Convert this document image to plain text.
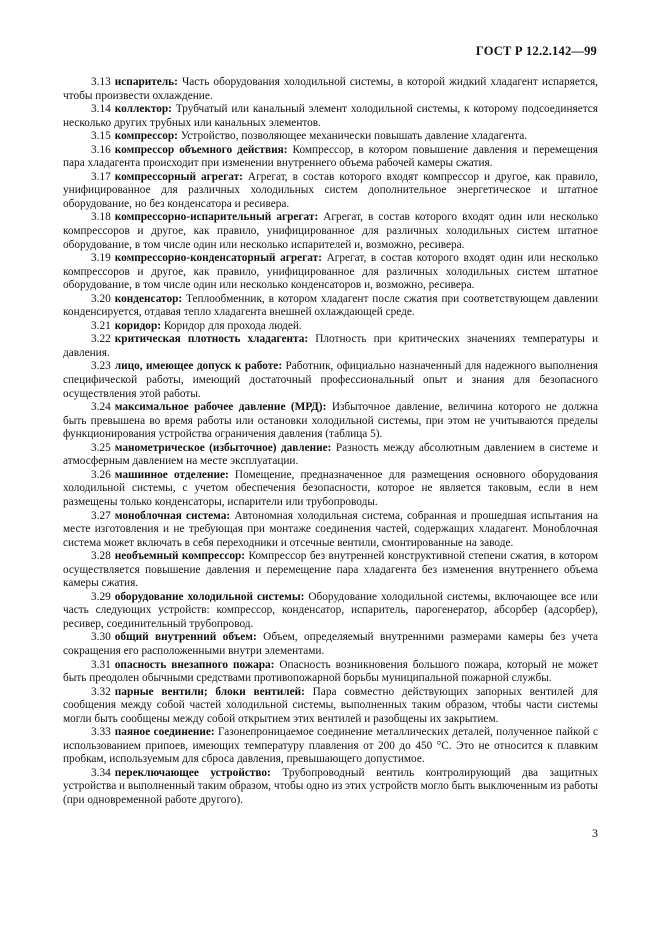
ГОСТ Р 12.2.142—99

3.13 испаритель: Часть оборудования холодильной системы, в которой жидкий хладагент испаряется, чтобы произвести охлаждение.

3.14 коллектор: Трубчатый или канальный элемент холодильной системы, к которому подсоединяется несколько других трубных или канальных элементов.

3.15 компрессор: Устройство, позволяющее механически повышать давление хладагента.

3.16 компрессор объемного действия: Компрессор, в котором повышение давления и перемещения пара хладагента происходит при изменении внутреннего объема рабочей камеры сжатия.

3.17 компрессорный агрегат: Агрегат, в состав которого входят компрессор и другое, как правило, унифицированное для различных холодильных систем дополнительное энергетическое и штатное оборудование, но без конденсатора и ресивера.

3.18 компрессорно-испарительный агрегат: Агрегат, в состав которого входят один или несколько компрессоров и другое, как правило, унифицированное для различных холодильных систем штатное оборудование, в том числе один или несколько испарителей и, возможно, ресивера.

3.19 компрессорно-конденсаторный агрегат: Агрегат, в состав которого входят один или несколько компрессоров и другое, как правило, унифицированное для различных холодильных систем штатное оборудование, в том числе один или несколько конденсаторов и, возможно, ресивера.

3.20 конденсатор: Теплообменник, в котором хладагент после сжатия при соответствующем давлении конденсируется, отдавая тепло хладагента внешней охлаждающей среде.

3.21 коридор: Коридор для прохода людей.

3.22 критическая плотность хладагента: Плотность при критических значениях температуры и давления.

3.23 лицо, имеющее допуск к работе: Работник, официально назначенный для надежного выполнения специфической работы, имеющий достаточный профессиональный опыт и знания для безопасного осуществления этой работы.

3.24 максимальное рабочее давление (МРД): Избыточное давление, величина которого не должна быть превышена во время работы или остановки холодильной системы, при этом не учитываются пределы функционирования устройства ограничения давления (таблица 5).

3.25 манометрическое (избыточное) давление: Разность между абсолютным давлением в системе и атмосферным давлением на месте эксплуатации.

3.26 машинное отделение: Помещение, предназначенное для размещения основного оборудования холодильной системы, с учетом обеспечения безопасности, которое не является таковым, если в нем размещены только конденсаторы, испарители или трубопроводы.

3.27 моноблочная система: Автономная холодильная система, собранная и прошедшая испытания на месте изготовления и не требующая при монтаже соединения частей, содержащих хладагент. Моноблочная система может включать в себя переходники и отсечные вентили, смонтированные на заводе.

3.28 необъемный компрессор: Компрессор без внутренней конструктивной степени сжатия, в котором осуществляется повышение давления и перемещение пара хладагента без изменения внутреннего объема камеры сжатия.

3.29 оборудование холодильной системы: Оборудование холодильной системы, включающее все или часть следующих устройств: компрессор, конденсатор, испаритель, парогенератор, абсорбер (адсорбер), ресивер, соединительный трубопровод.

3.30 общий внутренний объем: Объем, определяемый внутренними размерами камеры без учета сокращения его расположенными внутри элементами.

3.31 опасность внезапного пожара: Опасность возникновения большого пожара, который не может быть преодолен обычными средствами противопожарной борьбы муниципальной пожарной службы.

3.32 парные вентили; блоки вентилей: Пара совместно действующих запорных вентилей для сообщения между собой частей холодильной системы, выполненных таким образом, чтобы части системы могли быть сообщены между собой открытием этих вентилей и разобщены их закрытием.

3.33 паяное соединение: Газонепроницаемое соединение металлических деталей, полученное пайкой с использованием припоев, имеющих температуру плавления от 200 до 450 °С. Это не относится к плавким пробкам, используемым для сброса давления, превышающего допустимое.

3.34 переключающее устройство: Трубопроводный вентиль контролирующий два защитных устройства и выполненный таким образом, чтобы одно из этих устройств могло быть выключенным из работы (при одновременной работе другого).

3
